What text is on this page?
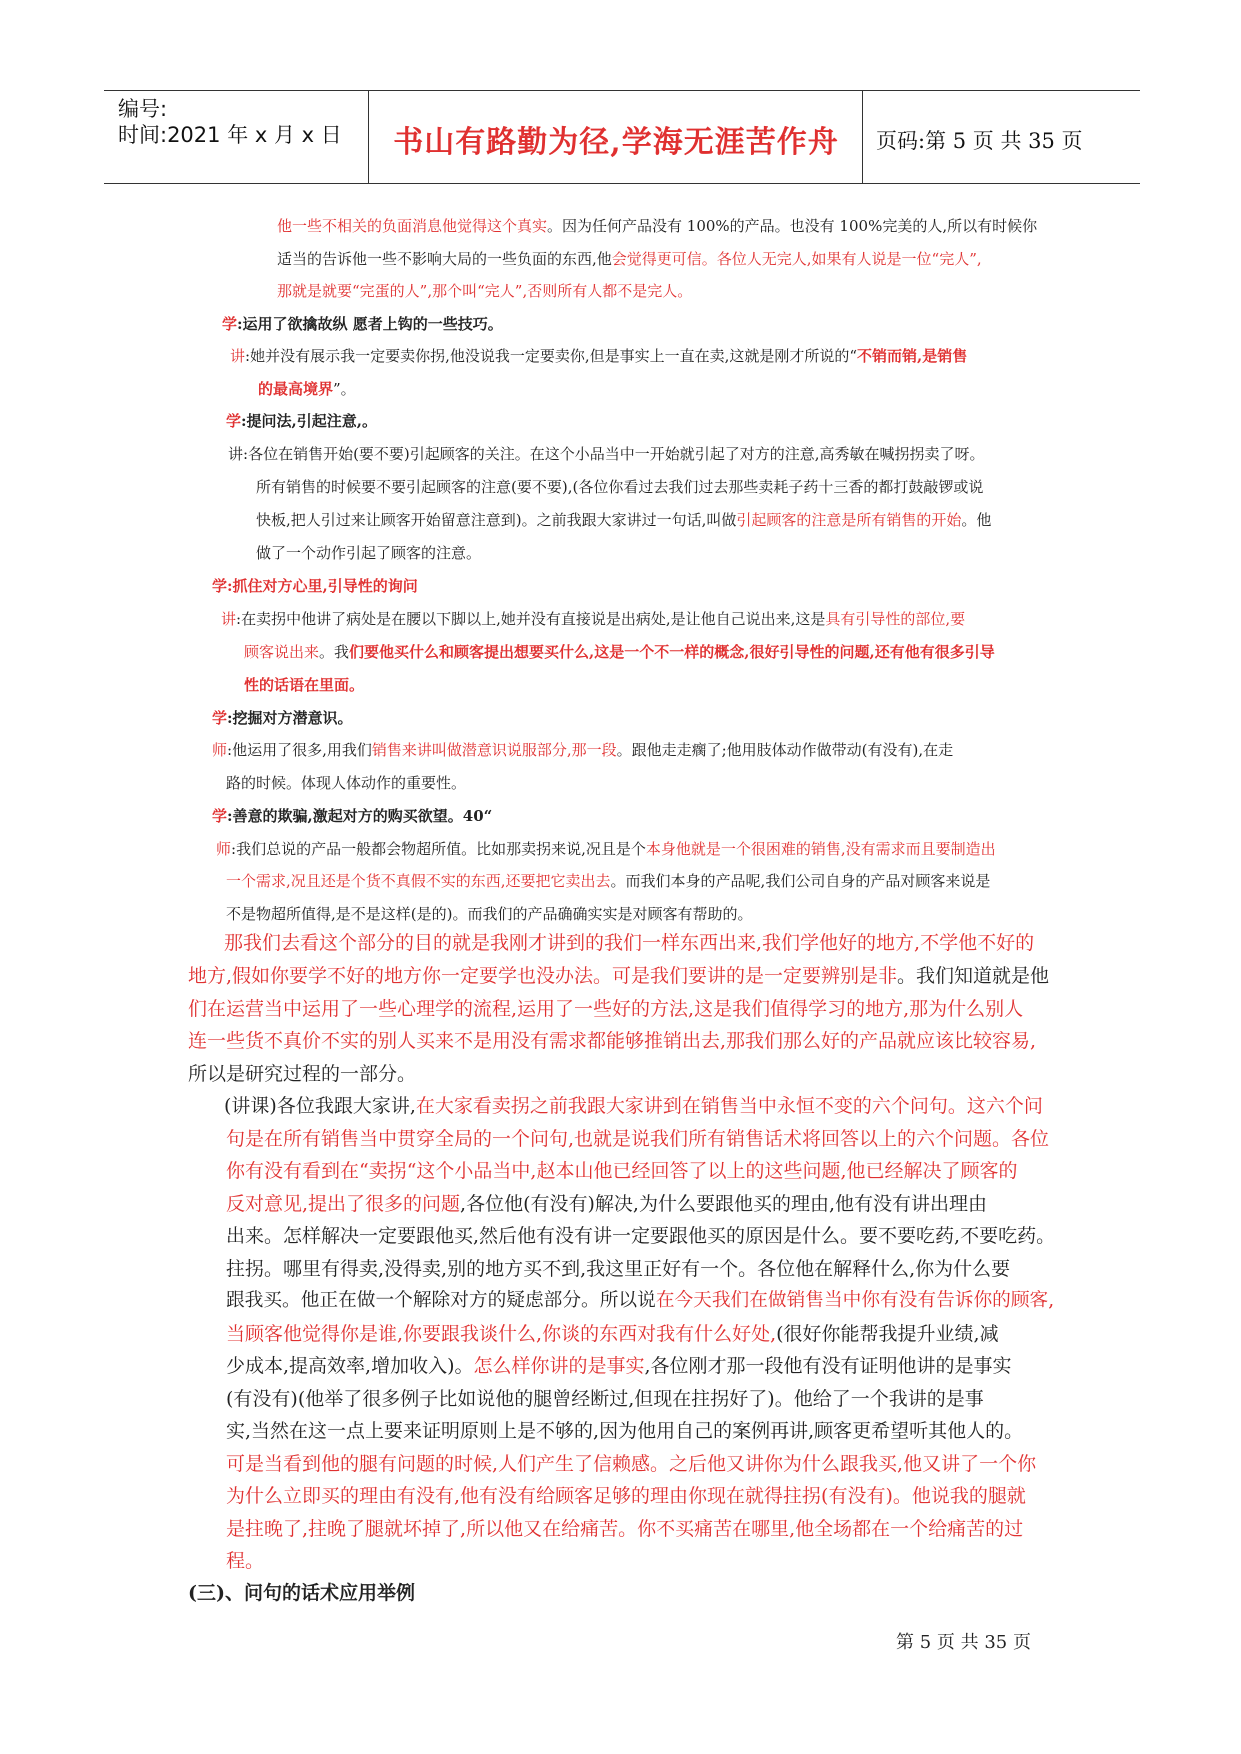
编号:
时间:2021 年 x 月 x 日	书山有路勤为径,学海无涯苦作舟	页码:第 5 页 共 35 页
他一些不相关的负面消息他觉得这个真实。因为任何产品没有 100%的产品。也没有 100%完美的人,所以有时候你
适当的告诉他一些不影响大局的一些负面的东西,他会觉得更可信。各位人无完人,如果有人说是一位“完人”,
那就是就要“完蛋的人”,那个叫“完人”,否则所有人都不是完人。
学:运用了欲擒故纵 愿者上钩的一些技巧。
讲:她并没有展示我一定要卖你拐,他没说我一定要卖你,但是事实上一直在卖,这就是刚才所说的“不销而销,是销售
的最高境界”。
学:提问法,引起注意,。
讲:各位在销售开始(要不要)引起顾客的关注。在这个小品当中一开始就引起了对方的注意,高秀敏在喊拐拐卖了呀。
所有销售的时候要不要引起顾客的注意(要不要),(各位你看过去我们过去那些卖耗子药十三香的都打鼓敲锣或说
快板,把人引过来让顾客开始留意注意到)。之前我跟大家讲过一句话,叫做引起顾客的注意是所有销售的开始。他
做了一个动作引起了顾客的注意。
学:抓住对方心里,引导性的询问
讲:在卖拐中他讲了病处是在腰以下脚以上,她并没有直接说是出病处,是让他自己说出来,这是具有引导性的部位,要
顾客说出来。我们要他买什么和顾客提出想要买什么,这是一个不一样的概念,很好引导性的问题,还有他有很多引导
性的话语在里面。
学:挖掘对方潜意识。
师:他运用了很多,用我们销售来讲叫做潜意识说服部分,那一段。跟他走走瘸了;他用肢体动作做带动(有没有),在走
路的时候。体现人体动作的重要性。
学:善意的欺骗,激起对方的购买欲望。40“
师:我们总说的产品一般都会物超所值。比如那卖拐来说,况且是个本身他就是一个很困难的销售,没有需求而且要制造出
一个需求,况且还是个货不真假不实的东西,还要把它卖出去。而我们本身的产品呢,我们公司自身的产品对顾客来说是
不是物超所值得,是不是这样(是的)。而我们的产品确确实实是对顾客有帮助的。
那我们去看这个部分的目的就是我刚才讲到的我们一样东西出来,我们学他好的地方,不学他不好的
地方,假如你要学不好的地方你一定要学也没办法。可是我们要讲的是一定要辨别是非。我们知道就是他
们在运营当中运用了一些心理学的流程,运用了一些好的方法,这是我们值得学习的地方,那为什么别人
连一些货不真价不实的别人买来不是用没有需求都能够推销出去,那我们那么好的产品就应该比较容易,
所以是研究过程的一部分。
(讲课)各位我跟大家讲,在大家看卖拐之前我跟大家讲到在销售当中永恒不变的六个问句。这六个问
句是在所有销售当中贯穿全局的一个问句,也就是说我们所有销售话术将回答以上的六个问题。各位
你有没有看到在“卖拐“这个小品当中,赵本山他已经回答了以上的这些问题,他已经解决了顾客的
反对意见,提出了很多的问题,各位他(有没有)解决,为什么要跟他买的理由,他有没有讲出理由
出来。怎样解决一定要跟他买,然后他有没有讲一定要跟他买的原因是什么。要不要吃药,不要吃药。
拄拐。哪里有得卖,没得卖,别的地方买不到,我这里正好有一个。各位他在解释什么,你为什么要
跟我买。他正在做一个解除对方的疑虑部分。所以说在今天我们在做销售当中你有没有告诉你的顾客,
当顾客他觉得你是谁,你要跟我谈什么,你谈的东西对我有什么好处,(很好你能帮我提升业绩,减
少成本,提高效率,增加收入)。怎么样你讲的是事实,各位刚才那一段他有没有证明他讲的是事实
(有没有)(他举了很多例子比如说他的腿曾经断过,但现在拄拐好了)。他给了一个我讲的是事
实,当然在这一点上要来证明原则上是不够的,因为他用自己的案例再讲,顾客更希望听其他人的。
可是当看到他的腿有问题的时候,人们产生了信赖感。之后他又讲你为什么跟我买,他又讲了一个你
为什么立即买的理由有没有,他有没有给顾客足够的理由你现在就得拄拐(有没有)。他说我的腿就
是拄晚了,拄晚了腿就坏掉了,所以他又在给痛苦。你不买痛苦在哪里,他全场都在一个给痛苦的过
程。
(三)、问句的话术应用举例
第 5 页 共 35 页
